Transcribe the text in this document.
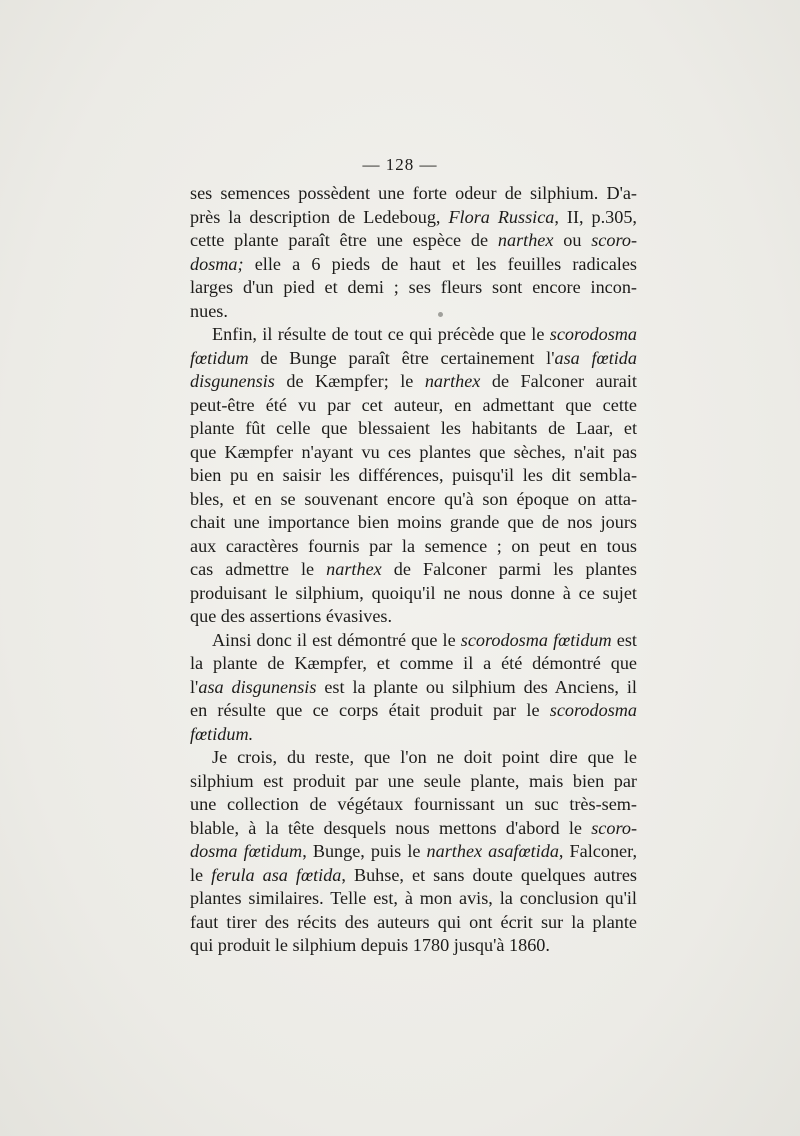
— 128 —
ses semences possèdent une forte odeur de silphium. D'a-
près la description de Ledeboug, Flora Russica, II, p.305,
cette plante paraît être une espèce de narthex ou scoro-
dosma; elle a 6 pieds de haut et les feuilles radicales
larges d'un pied et demi ; ses fleurs sont encore incon-
nues.
Enfin, il résulte de tout ce qui précède que le scorodosma
fœtidum de Bunge paraît être certainement l'asa fœtida
disgunensis de Kæmpfer; le narthex de Falconer aurait
peut-être été vu par cet auteur, en admettant que cette
plante fût celle que blessaient les habitants de Laar, et
que Kæmpfer n'ayant vu ces plantes que sèches, n'ait pas
bien pu en saisir les différences, puisqu'il les dit sembla-
bles, et en se souvenant encore qu'à son époque on atta-
chait une importance bien moins grande que de nos jours
aux caractères fournis par la semence ; on peut en tous
cas admettre le narthex de Falconer parmi les plantes
produisant le silphium, quoiqu'il ne nous donne à ce sujet
que des assertions évasives.
Ainsi donc il est démontré que le scorodosma fœtidum est
la plante de Kæmpfer, et comme il a été démontré que
l'asa disgunensis est la plante ou silphium des Anciens, il
en résulte que ce corps était produit par le scorodosma
fœtidum.
Je crois, du reste, que l'on ne doit point dire que le
silphium est produit par une seule plante, mais bien par
une collection de végétaux fournissant un suc très-sem-
blable, à la tête desquels nous mettons d'abord le scoro-
dosma fœtidum, Bunge, puis le narthex asafœtida, Falconer,
le ferula asa fœtida, Buhse, et sans doute quelques autres
plantes similaires. Telle est, à mon avis, la conclusion qu'il
faut tirer des récits des auteurs qui ont écrit sur la plante
qui produit le silphium depuis 1780 jusqu'à 1860.
